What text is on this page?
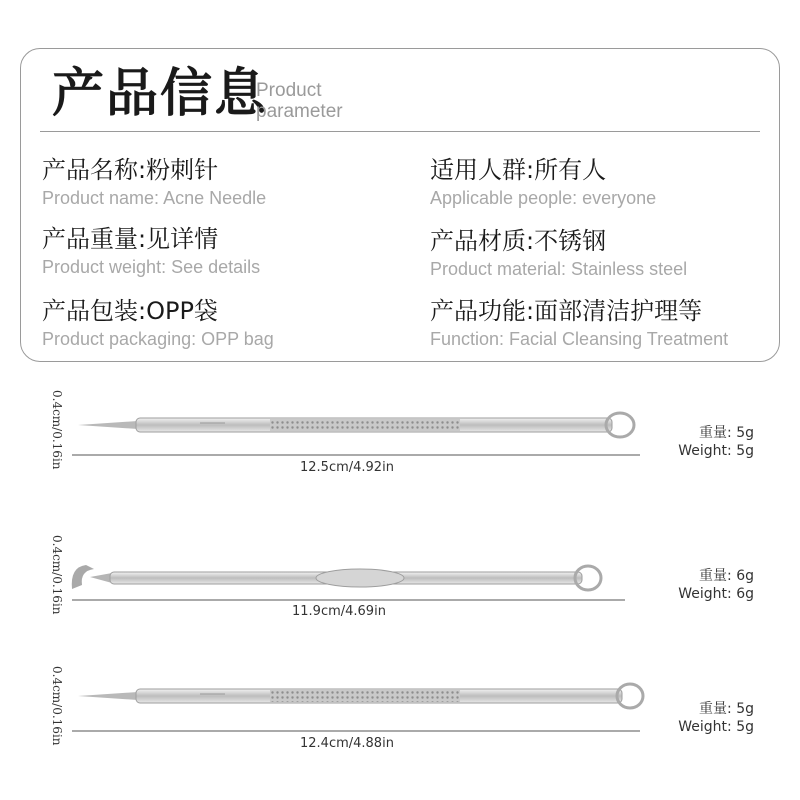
产品信息
Product
parameter
产品名称:粉刺针
Product name: Acne Needle
适用人群:所有人
Applicable people: everyone
产品重量:见详情
Product weight: See details
产品材质:不锈钢
Product material: Stainless steel
产品包装:OPP袋
Product packaging: OPP bag
产品功能:面部清洁护理等
Function: Facial Cleansing Treatment
0.4cm/0.16in	12.5cm/4.92in
重量: 5g
Weight: 5g
0.4cm/0.16in	11.9cm/4.69in
重量: 6g
Weight: 6g
0.4cm/0.16in	12.4cm/4.88in
重量: 5g
Weight: 5g
